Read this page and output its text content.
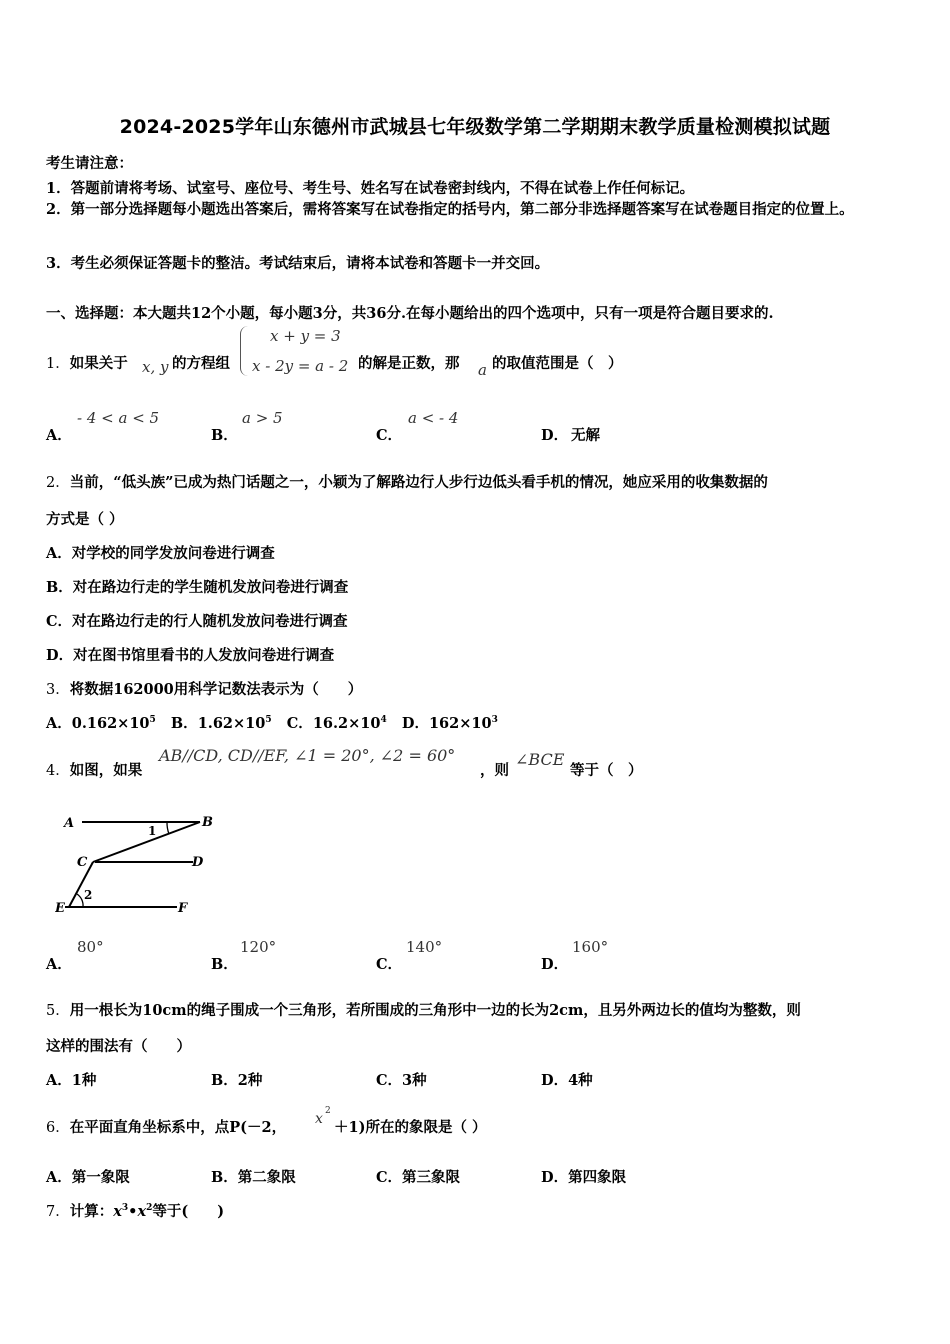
2024-2025学年山东德州市武城县七年级数学第二学期期末教学质量检测模拟试题
考生请注意：
1．答题前请将考场、试室号、座位号、考生号、姓名写在试卷密封线内，不得在试卷上作任何标记。
2．第一部分选择题每小题选出答案后，需将答案写在试卷指定的括号内，第二部分非选择题答案写在试卷题目指定的位置上。
3．考生必须保证答题卡的整洁。考试结束后，请将本试卷和答题卡一并交回。
一、选择题：本大题共12个小题，每小题3分，共36分.在每小题给出的四个选项中，只有一项是符合题目要求的.
1．如果关于 x, y 的方程组
x + y = 3
x - 2y = a - 2 的解是正数，那 a 的取值范围是（　）
A．
- 4 < a < 5
B．
a > 5
C．
a < - 4
D． 无解
2．当前，“低头族”已成为热门话题之一，小颖为了解路边行人步行边低头看手机的情况，她应采用的收集数据的
方式是（ ）
A．对学校的同学发放问卷进行调查
B．对在路边行走的学生随机发放问卷进行调查
C．对在路边行走的行人随机发放问卷进行调查
D．对在图书馆里看书的人发放问卷进行调查
3．将数据162000用科学记数法表示为（　　）
A．$0.162\times 10^5$ B．$1.62\times 10^5$ C．$16.2\times 10^4$ D．$162\times 10^3$
4．如图，如果
AB//CD, CD//EF, ∠1 = 20°, ∠2 = 60°
，则
∠BCE
等于（　）
A	B
1
C	D
2
E	F
A．
80°
B．
120°
C．
140°
D．
160°
5．用一根长为10cm的绳子围成一个三角形，若所围成的三角形中一边的长为2cm，且另外两边长的值均为整数，则
这样的围法有（　　）
A．1种	B．2种	C．3种	D．4种
6．在平面直角坐标系中，点P(－2， x 2
＋1)所在的象限是（ ）
A．第一象限	B．第二象限	C．第三象限	D．第四象限
7．计算：$x^3•x^2$等于(　　)
